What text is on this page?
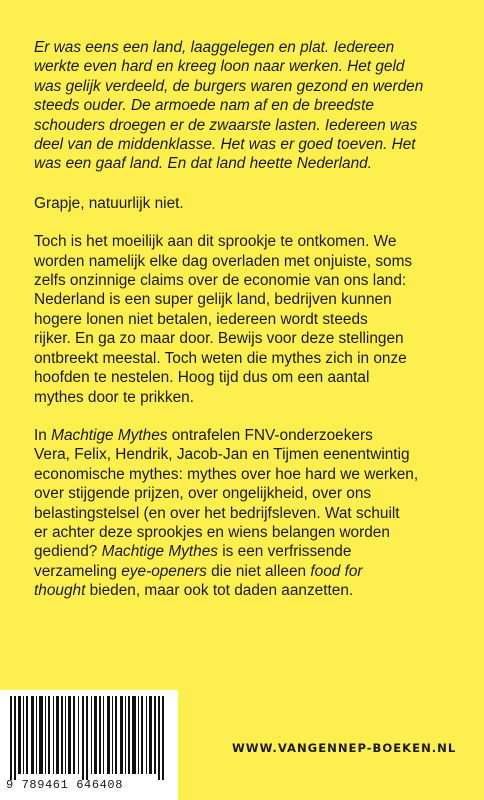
Er was eens een land, laaggelegen en plat. Iedereen
werkte even hard en kreeg loon naar werken. Het geld
was gelijk verdeeld, de burgers waren gezond en werden
steeds ouder. De armoede nam af en de breedste
schouders droegen er de zwaarste lasten. Iedereen was
deel van de middenklasse. Het was er goed toeven. Het
was een gaaf land. En dat land heette Nederland.

Grapje, natuurlijk niet.

Toch is het moeilijk aan dit sprookje te ontkomen. We
worden namelijk elke dag overladen met onjuiste, soms
zelfs onzinnige claims over de economie van ons land:
Nederland is een super gelijk land, bedrijven kunnen
hogere lonen niet betalen, iedereen wordt steeds
rijker. En ga zo maar door. Bewijs voor deze stellingen
ontbreekt meestal. Toch weten die mythes zich in onze
hoofden te nestelen. Hoog tijd dus om een aantal
mythes door te prikken.

In Machtige Mythes ontrafelen FNV-onderzoekers
Vera, Felix, Hendrik, Jacob-Jan en Tijmen eenentwintig
economische mythes: mythes over hoe hard we werken,
over stijgende prijzen, over ongelijkheid, over ons
belastingstelsel (en over het bedrijfsleven. Wat schuilt
er achter deze sprookjes en wiens belangen worden
gediend? Machtige Mythes is een verfrissende
verzameling eye-openers die niet alleen food for
thought bieden, maar ook tot daden aanzetten.

9 789461 646408
WWW.VANGENNEP-BOEKEN.NL
